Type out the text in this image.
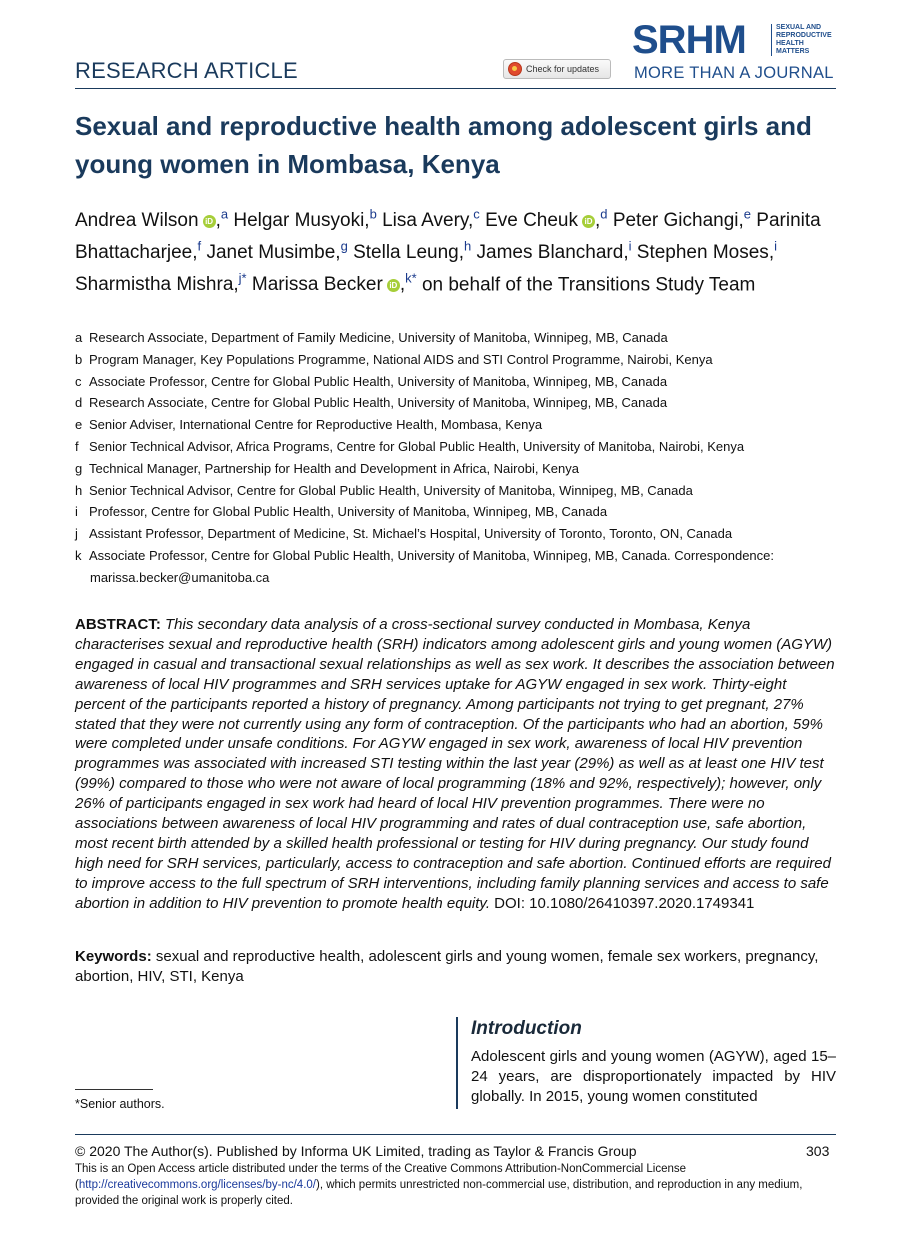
RESEARCH ARTICLE	Check for updates
SRHM	SEXUAL AND
REPRODUCTIVE
HEALTH
MATTERS
MORE THAN A JOURNAL
Sexual and reproductive health among adolescent girls and young women in Mombasa, Kenya
Andrea Wilson iD ,$^a$ Helgar Musyoki,$^b$ Lisa Avery,$^c$ Eve Cheuk iD ,$^d$ Peter Gichangi,$^e$ Parinita Bhattacharjee,$^f$ Janet Musimbe,$^g$ Stella Leung,$^h$ James Blanchard,$^i$ Stephen Moses,$^i$ Sharmistha Mishra,$^{j*}$ Marissa Becker iD ,$^{k*}$ on behalf of the Transitions Study Team
a Research Associate, Department of Family Medicine, University of Manitoba, Winnipeg, MB, Canada
b Program Manager, Key Populations Programme, National AIDS and STI Control Programme, Nairobi, Kenya
c Associate Professor, Centre for Global Public Health, University of Manitoba, Winnipeg, MB, Canada
d Research Associate, Centre for Global Public Health, University of Manitoba, Winnipeg, MB, Canada
e Senior Adviser, International Centre for Reproductive Health, Mombasa, Kenya
f Senior Technical Advisor, Africa Programs, Centre for Global Public Health, University of Manitoba, Nairobi, Kenya
g Technical Manager, Partnership for Health and Development in Africa, Nairobi, Kenya
h Senior Technical Advisor, Centre for Global Public Health, University of Manitoba, Winnipeg, MB, Canada
i Professor, Centre for Global Public Health, University of Manitoba, Winnipeg, MB, Canada
j Assistant Professor, Department of Medicine, St. Michael’s Hospital, University of Toronto, Toronto, ON, Canada
k Associate Professor, Centre for Global Public Health, University of Manitoba, Winnipeg, MB, Canada. Correspondence:
marissa.becker@umanitoba.ca
ABSTRACT: This secondary data analysis of a cross-sectional survey conducted in Mombasa, Kenya characterises sexual and reproductive health (SRH) indicators among adolescent girls and young women (AGYW) engaged in casual and transactional sexual relationships as well as sex work. It describes the association between awareness of local HIV programmes and SRH services uptake for AGYW engaged in sex work. Thirty-eight percent of the participants reported a history of pregnancy. Among participants not trying to get pregnant, 27% stated that they were not currently using any form of contraception. Of the participants who had an abortion, 59% were completed under unsafe conditions. For AGYW engaged in sex work, awareness of local HIV prevention programmes was associated with increased STI testing within the last year (29%) as well as at least one HIV test (99%) compared to those who were not aware of local programming (18% and 92%, respectively); however, only 26% of participants engaged in sex work had heard of local HIV prevention programmes. There were no associations between awareness of local HIV programming and rates of dual contraception use, safe abortion, most recent birth attended by a skilled health professional or testing for HIV during pregnancy. Our study found high need for SRH services, particularly, access to contraception and safe abortion. Continued efforts are required to improve access to the full spectrum of SRH interventions, including family planning services and access to safe abortion in addition to HIV prevention to promote health equity. DOI: 10.1080/26410397.2020.1749341
Keywords: sexual and reproductive health, adolescent girls and young women, female sex workers, pregnancy, abortion, HIV, STI, Kenya
Introduction
Adolescent girls and young women (AGYW), aged 15–24 years, are disproportionately impacted by HIV globally. In 2015, young women constituted
*Senior authors.
© 2020 The Author(s). Published by Informa UK Limited, trading as Taylor & Francis Group	303
This is an Open Access article distributed under the terms of the Creative Commons Attribution-NonCommercial License (http://creativecommons.org/licenses/by-nc/4.0/), which permits unrestricted non-commercial use, distribution, and reproduction in any medium, provided the original work is properly cited.
